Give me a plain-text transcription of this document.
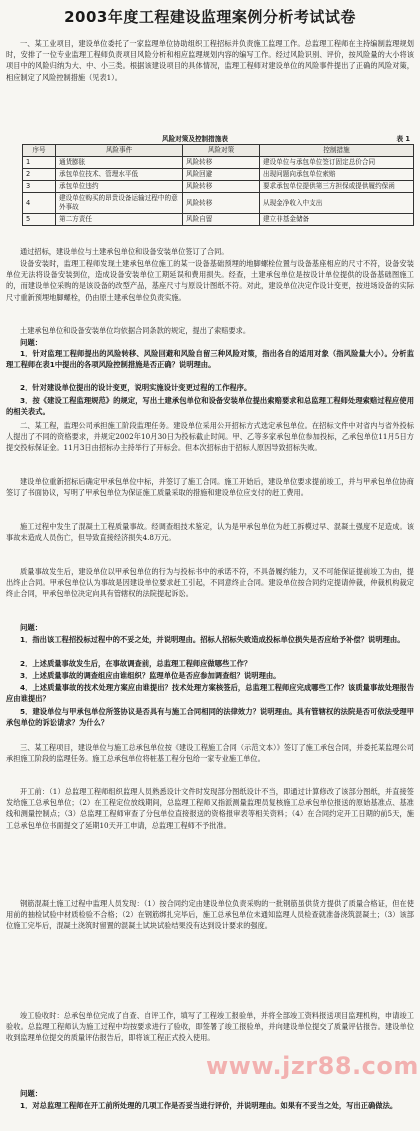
2003年度工程建设监理案例分析考试试卷

一、某工业项目，建设单位委托了一家监理单位协助组织工程招标并负责施工监理工作。总监理工程师在主持编制监理规划时，安排了一位专业监理工程师负责项目风险分析和相应监理规划内容的编写工作。经过风险识别、评价，按风险量的大小将该项目中的风险归纳为大、中、小三类。根据该建设项目的具体情况，监理工程师对建设单位的风险事件提出了正确的风险对策，相应制定了风险控制措施（见表1）。

风险对策及控制措施表	表 1
序号	风险事件	风险对策	控制措施
1	通货膨胀	风险转移	建设单位与承包单位签订固定总价合同
2	承包单位技术、管理水平低	风险回避	出现问题向承包单位索赔
3	承包单位违约	风险转移	要求承包单位提供第三方担保或提供履约保函
4	建设单位购买的昂贵设备运输过程中的意外事故	风险转移	从现金净收入中支出
5	第二方责任	风险自留	建立非基金储备

通过招标，建设单位与土建承包单位和设备安装单位签订了合同。

设备安装时，监理工程师发现土建承包单位施工的某一设备基础预埋的地脚螺栓位置与设备基座相应的尺寸不符，设备安装单位无法将设备安装到位，造成设备安装单位工期延误和费用损失。经查，土建承包单位是按设计单位提供的设备基础图施工的，而建设单位采购的是该设备的改型产品，基座尺寸与原设计图纸不符。对此，建设单位决定作设计变更，按进场设备的实际尺寸重新预埋地脚螺栓，仍由原土建承包单位负责实施。

土建承包单位和设备安装单位均依据合同条款的规定，提出了索赔要求。

问题：

1．针对监理工程师提出的风险转移、风险回避和风险自留三种风险对策，指出各自的适用对象（指风险量大小）。分析监理工程师在表1中提出的各项风险控制措施是否正确？说明理由。

2．针对建设单位提出的设计变更，说明实施设计变更过程的工作程序。

3．按《建设工程监理规范》的规定，写出土建承包单位和设备安装单位提出索赔要求和总监理工程师处理索赔过程应使用的相关表式。

二、某工程，监理公司承担施工阶段监理任务。建设单位采用公开招标方式选定承包单位。在招标文件中对省内与省外投标人提出了不同的资格要求，并规定2002年10月30日为投标截止时间。甲、乙等多家承包单位参加投标，乙承包单位11月5日方提交投标保证金。11月3日由招标办主持举行了开标会。但本次招标由于招标人原因导致招标失败。

建设单位重新招标后确定甲承包单位中标，并签订了施工合同。施工开始后，建设单位要求提前竣工，并与甲承包单位协商签订了书面协议，写明了甲承包单位为保证施工质量采取的措施和建设单位应支付的赶工费用。

施工过程中发生了混凝土工程质量事故。经调查组技术鉴定，认为是甲承包单位为赶工拆模过早、混凝土强度不足造成。该事故未造成人员伤亡，但导致直接经济损失4.8万元。

质量事故发生后，建设单位以甲承包单位的行为与投标书中的承诺不符，不具备履约能力，又不可能保证提前竣工为由，提出终止合同。甲承包单位认为事故是因建设单位要求赶工引起，不同意终止合同。建设单位按合同约定提请仲裁，仲裁机构裁定终止合同，甲承包单位决定向具有管辖权的法院提起诉讼。

问题：

1．指出该工程招投标过程中的不妥之处，并说明理由。招标人招标失败造成投标单位损失是否应给予补偿？说明理由。

2．上述质量事故发生后，在事故调查前，总监理工程师应做哪些工作？

3．上述质量事故的调查组应由谁组织？监理单位是否应参加调查组？说明理由。

4．上述质量事故的技术处理方案应由谁提出？技术处理方案核签后，总监理工程师应完成哪些工作？该质量事故处理报告应由谁提出？

5．建设单位与甲承包单位所签协议是否具有与施工合同相同的法律效力？说明理由。具有管辖权的法院是否可依法受理甲承包单位的诉讼请求？为什么？

三、某工程项目，建设单位与施工总承包单位按《建设工程施工合同（示范文本）》签订了施工承包合同，并委托某监理公司承担施工阶段的监理任务。施工总承包单位将桩基工程分包给一家专业施工单位。

开工前：（1）总监理工程师组织监理人员熟悉设计文件时发现部分图纸设计不当，即通过计算修改了该部分图纸，并直接签发给施工总承包单位；（2）在工程定位放线期间，总监理工程师又指派测量监理员复核施工总承包单位报送的原始基准点、基准线和测量控制点；（3）总监理工程师审查了分包单位直接报送的资格报审表等相关资料；（4）在合同约定开工日期的前5天，施工总承包单位书面提交了延期10天开工申请，总监理工程师不予批准。

钢筋混凝土施工过程中监理人员发现：（1）按合同约定由建设单位负责采购的一批钢筋虽供货方提供了质量合格证，但在使用前的抽检试验中材质检验不合格；（2）在钢筋绑扎完毕后，施工总承包单位未通知监理人员检查就准备浇筑混凝土；（3）该部位施工完毕后，混凝土浇筑时留置的混凝土试块试验结果没有达到设计要求的强度。

竣工验收时：总承包单位完成了自查、自评工作，填写了工程竣工报验单，并将全部竣工资料报送项目监理机构，申请竣工验收。总监理工程师认为施工过程中均按要求进行了验收，即签署了竣工报验单，并向建设单位提交了质量评估报告。建设单位收到监理单位提交的质量评估报告后，即将该工程正式投入使用。

问题：

1．对总监理工程师在开工前所处理的几项工作是否妥当进行评价，并说明理由。如果有不妥当之处，写出正确做法。

www.jzr88.com
